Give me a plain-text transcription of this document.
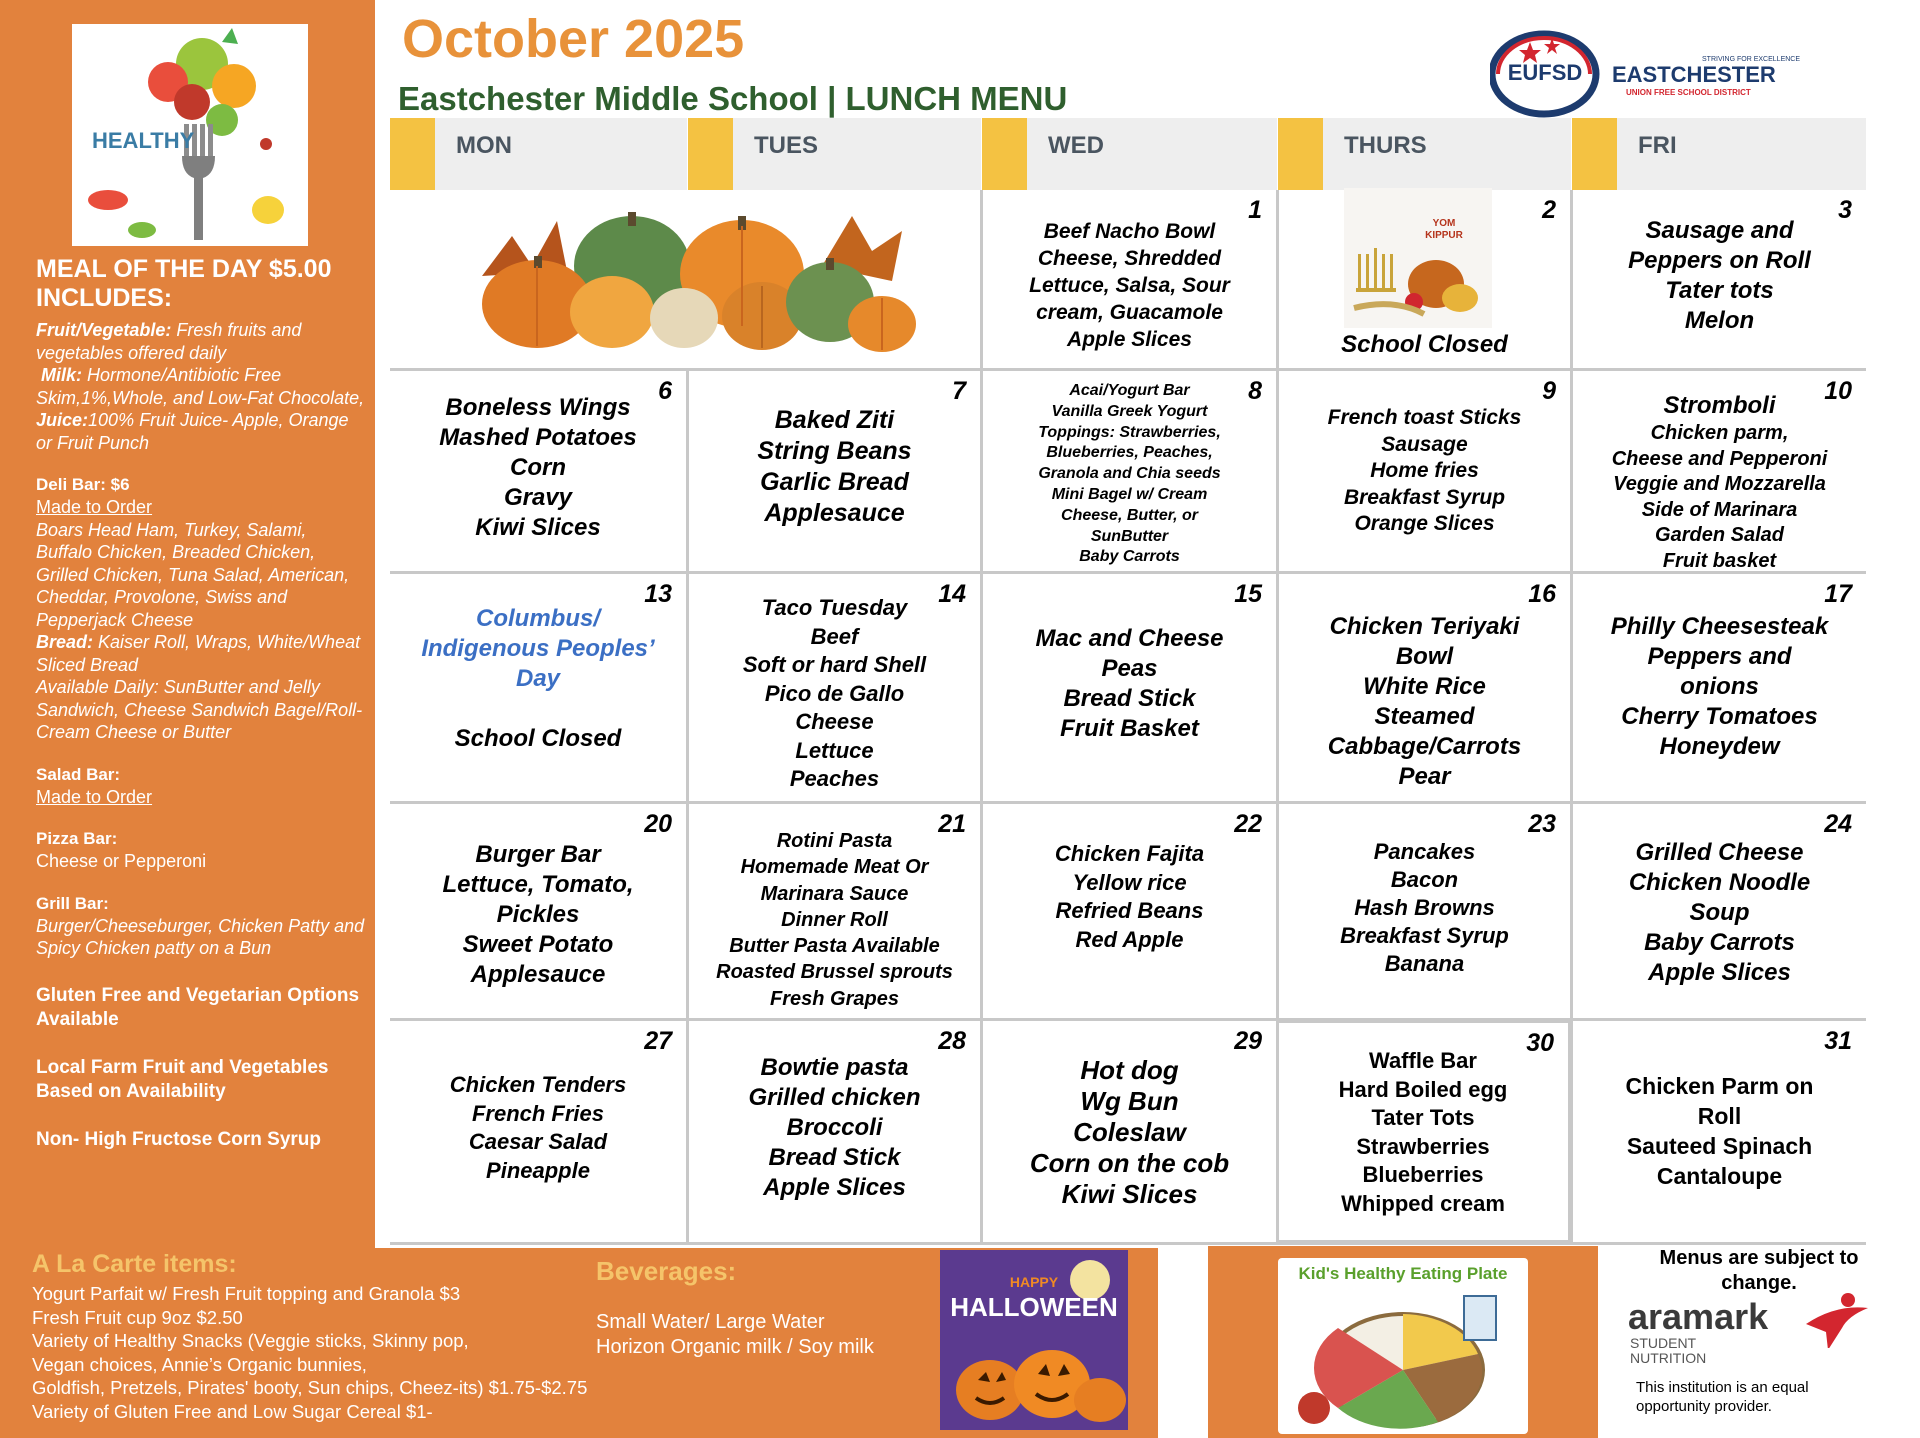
HEALTHY
MEAL OF THE DAY $5.00 INCLUDES:
Fruit/Vegetable: Fresh fruits and vegetables offered daily
Milk: Hormone/Antibiotic Free Skim,1%,Whole, and Low-Fat Chocolate,
Juice:100% Fruit Juice- Apple, Orange or Fruit Punch
Deli Bar: $6
Made to Order
Boars Head Ham, Turkey, Salami, Buffalo Chicken, Breaded Chicken, Grilled Chicken, Tuna Salad, American, Cheddar, Provolone, Swiss and Pepperjack Cheese
Bread: Kaiser Roll, Wraps, White/Wheat Sliced Bread
Available Daily: SunButter and Jelly Sandwich, Cheese Sandwich Bagel/Roll- Cream Cheese or Butter
Salad Bar:
Made to Order
Pizza Bar:
Cheese or Pepperoni
Grill Bar:
Burger/Cheeseburger, Chicken Patty and Spicy Chicken patty on a Bun
Gluten Free and Vegetarian Options Available
Local Farm Fruit and Vegetables Based on Availability
Non- High Fructose Corn Syrup
October 2025
Eastchester Middle School | LUNCH MENU
EUFSD
STRIVING FOR EXCELLENCE
EASTCHESTER
UNION FREE SCHOOL DISTRICT
MON	TUES	WED	THURS	FRI
YOM
KIPPUR
1
Beef Nacho Bowl
Cheese, Shredded
Lettuce, Salsa, Sour
cream, Guacamole
Apple Slices
2
School Closed
3
Sausage and
Peppers on Roll
Tater tots
Melon
6
Boneless Wings
Mashed Potatoes
Corn
Gravy
Kiwi Slices
7
Baked Ziti
String Beans
Garlic Bread
Applesauce
8
Acai/Yogurt Bar
Vanilla Greek Yogurt
Toppings: Strawberries,
Blueberries, Peaches,
Granola and Chia seeds
Mini Bagel w/ Cream
Cheese, Butter, or
SunButter
Baby Carrots
9
French toast Sticks
Sausage
Home fries
Breakfast Syrup
Orange Slices
10
Stromboli
Chicken parm,
Cheese and Pepperoni
Veggie and Mozzarella
Side of Marinara
Garden Salad
Fruit basket
13
Columbus/
Indigenous Peoples’
Day
School Closed
14
Taco Tuesday
Beef
Soft or hard Shell
Pico de Gallo
Cheese
Lettuce
Peaches
15
Mac and Cheese
Peas
Bread Stick
Fruit Basket
16
Chicken Teriyaki
Bowl
White Rice
Steamed
Cabbage/Carrots
Pear
17
Philly Cheesesteak
Peppers and
onions
Cherry Tomatoes
Honeydew
20
Burger Bar
Lettuce, Tomato,
Pickles
Sweet Potato
Applesauce
21
Rotini Pasta
Homemade Meat Or
Marinara Sauce
Dinner Roll
Butter Pasta Available
Roasted Brussel sprouts
Fresh Grapes
22
Chicken Fajita
Yellow rice
Refried Beans
Red Apple
23
Pancakes
Bacon
Hash Browns
Breakfast Syrup
Banana
24
Grilled Cheese
Chicken Noodle
Soup
Baby Carrots
Apple Slices
27
Chicken Tenders
French Fries
Caesar Salad
Pineapple
28
Bowtie pasta
Grilled chicken
Broccoli
Bread Stick
Apple Slices
29
Hot dog
Wg Bun
Coleslaw
Corn on the cob
Kiwi Slices
30
Waffle Bar
Hard Boiled egg
Tater Tots
Strawberries
Blueberries
Whipped cream
31
Chicken Parm on
Roll
Sauteed Spinach
Cantaloupe
A La Carte items:
Yogurt Parfait w/ Fresh Fruit topping and Granola $3
Fresh Fruit cup 9oz $2.50
Variety of Healthy Snacks (Veggie sticks, Skinny pop,
Vegan choices, Annie’s Organic bunnies,
Goldfish, Pretzels, Pirates' booty, Sun chips, Cheez-its) $1.75-$2.75
Variety of Gluten Free and Low Sugar Cereal $1-
Beverages:
Small Water/ Large Water
Horizon Organic milk / Soy milk
HAPPY
HALLOWEEN
Kid's Healthy Eating Plate
Menus are subject to
change.
aramark
STUDENT
NUTRITION
This institution is an equal
opportunity provider.
